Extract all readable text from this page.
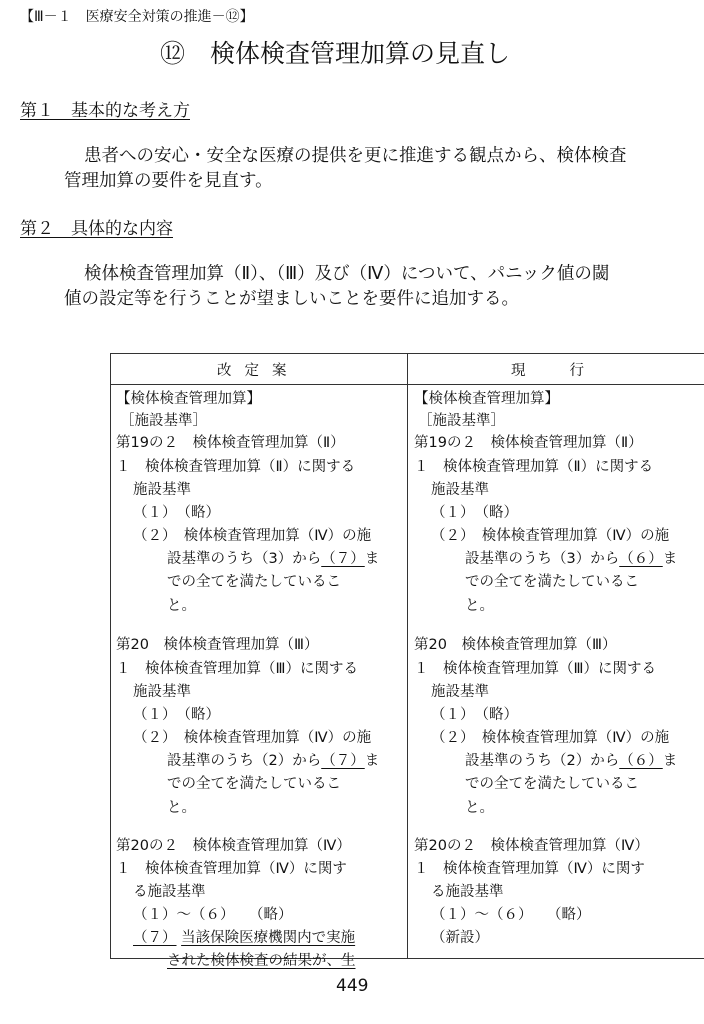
【Ⅲ－１　医療安全対策の推進－⑫】
⑫　検体検査管理加算の見直し
第１　基本的な考え方
患者への安心・安全な医療の提供を更に推進する観点から、検体検査
管理加算の要件を見直す。
第２　具体的な内容
検体検査管理加算（Ⅱ）、（Ⅲ）及び（Ⅳ）について、パニック値の閾
値の設定等を行うことが望ましいことを要件に追加する。
改定案	現行
【検体検査管理加算】
［施設基準］
第19の２　検体検査管理加算（Ⅱ）
１　検体検査管理加算（Ⅱ）に関する
施設基準
（１）　（略）
（２）　検体検査管理加算（Ⅳ）の施
設基準のうち（3）から（７）ま
での全てを満たしているこ
と。
第20　検体検査管理加算（Ⅲ）
１　検体検査管理加算（Ⅲ）に関する
施設基準
（１）　（略）
（２）　検体検査管理加算（Ⅳ）の施
設基準のうち（2）から（７）ま
での全てを満たしているこ
と。
第20の２　検体検査管理加算（Ⅳ）
１　検体検査管理加算（Ⅳ）に関す
る施設基準
（１）～（６）　　（略）
（７） 当該保険医療機関内で実施
された検体検査の結果が、生
【検体検査管理加算】
［施設基準］
第19の２　検体検査管理加算（Ⅱ）
１　検体検査管理加算（Ⅱ）に関する
施設基準
（１）　（略）
（２）　検体検査管理加算（Ⅳ）の施
設基準のうち（3）から（６）ま
での全てを満たしているこ
と。
第20　検体検査管理加算（Ⅲ）
１　検体検査管理加算（Ⅲ）に関する
施設基準
（１）　（略）
（２）　検体検査管理加算（Ⅳ）の施
設基準のうち（2）から（６）ま
での全てを満たしているこ
と。
第20の２　検体検査管理加算（Ⅳ）
１　検体検査管理加算（Ⅳ）に関す
る施設基準
（１）～（６）　　（略）
（新設）
449
